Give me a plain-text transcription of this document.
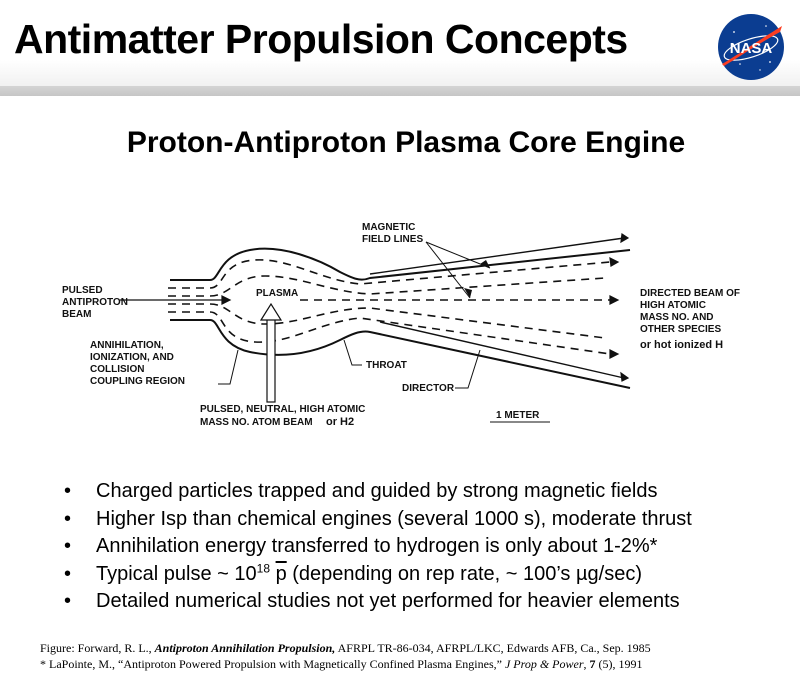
Antimatter Propulsion Concepts	NASA
Proton-Antiproton Plasma Core Engine
MAGNETIC FIELD LINES
PULSED ANTIPROTON BEAM
PLASMA	DIRECTED BEAM OF HIGH ATOMIC MASS NO. AND OTHER SPECIES
or hot ionized H
ANNIHILATION, IONIZATION, AND COLLISION COUPLING REGION
THROAT
DIRECTOR
PULSED, NEUTRAL, HIGH ATOMIC MASS NO. ATOM BEAM or H2
1 METER
• Charged particles trapped and guided by strong magnetic fields
• Higher Isp than chemical engines (several 1000 s), moderate thrust
• Annihilation energy transferred to hydrogen is only about 1-2%*
• Typical pulse ~ $10^{18}$ $\overline{p}$ (depending on rep rate, ~ 100’s µg/sec)
• Detailed numerical studies not yet performed for heavier elements
Figure: Forward, R. L., Antiproton Annihilation Propulsion, AFRPL TR-86-034, AFRPL/LKC, Edwards AFB, Ca., Sep. 1985
* LaPointe, M., “Antiproton Powered Propulsion with Magnetically Confined Plasma Engines,” J Prop & Power, 7 (5), 1991
